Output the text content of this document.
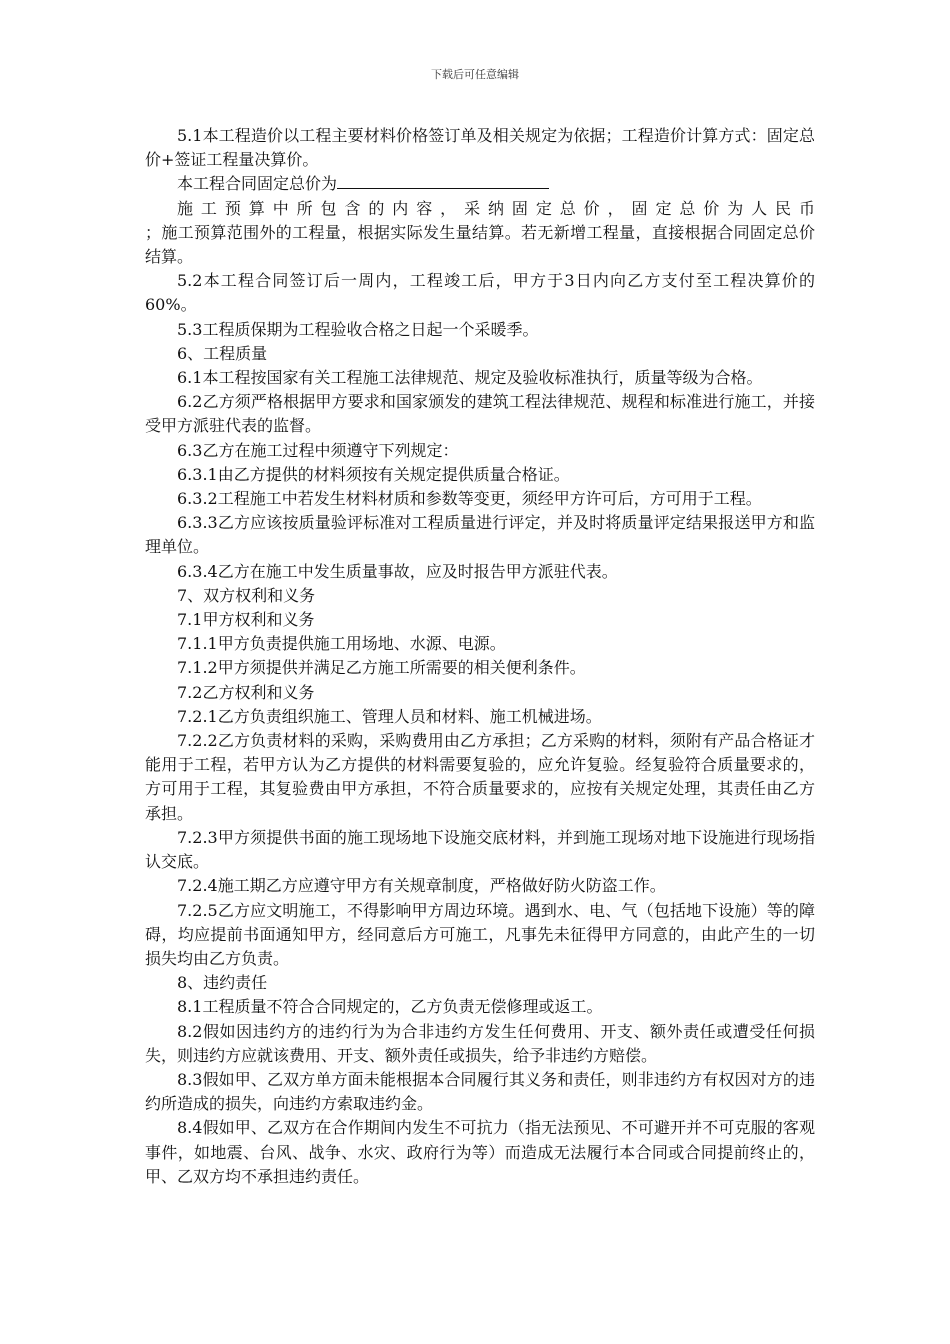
下载后可任意编辑

5.1本工程造价以工程主要材料价格签订单及相关规定为依据；工程造价计算方式：固定总价+签证工程量决算价。

本工程合同固定总价为

施 工 预 算 中 所 包 含 的 内 容 ， 采 纳 固 定 总 价 ， 固 定 总 价 为 人 民 币

；施工预算范围外的工程量，根据实际发生量结算。若无新增工程量，直接根据合同固定总价结算。

5.2本工程合同签订后一周内，工程竣工后，甲方于3日内向乙方支付至工程决算价的60%。

5.3工程质保期为工程验收合格之日起一个采暖季。

6、工程质量

6.1本工程按国家有关工程施工法律规范、规定及验收标准执行，质量等级为合格。

6.2乙方须严格根据甲方要求和国家颁发的建筑工程法律规范、规程和标准进行施工，并接受甲方派驻代表的监督。

6.3乙方在施工过程中须遵守下列规定：

6.3.1由乙方提供的材料须按有关规定提供质量合格证。

6.3.2工程施工中若发生材料材质和参数等变更，须经甲方许可后，方可用于工程。

6.3.3乙方应该按质量验评标准对工程质量进行评定，并及时将质量评定结果报送甲方和监理单位。

6.3.4乙方在施工中发生质量事故，应及时报告甲方派驻代表。

7、双方权利和义务

7.1甲方权利和义务

7.1.1甲方负责提供施工用场地、水源、电源。

7.1.2甲方须提供并满足乙方施工所需要的相关便利条件。

7.2乙方权利和义务

7.2.1乙方负责组织施工、管理人员和材料、施工机械进场。

7.2.2乙方负责材料的采购，采购费用由乙方承担；乙方采购的材料，须附有产品合格证才能用于工程，若甲方认为乙方提供的材料需要复验的，应允许复验。经复验符合质量要求的，方可用于工程，其复验费由甲方承担，不符合质量要求的，应按有关规定处理，其责任由乙方承担。

7.2.3甲方须提供书面的施工现场地下设施交底材料，并到施工现场对地下设施进行现场指认交底。

7.2.4施工期乙方应遵守甲方有关规章制度，严格做好防火防盗工作。

7.2.5乙方应文明施工，不得影响甲方周边环境。遇到水、电、气（包括地下设施）等的障碍，均应提前书面通知甲方，经同意后方可施工，凡事先未征得甲方同意的，由此产生的一切损失均由乙方负责。

8、违约责任

8.1工程质量不符合合同规定的，乙方负责无偿修理或返工。

8.2假如因违约方的违约行为为合非违约方发生任何费用、开支、额外责任或遭受任何损失，则违约方应就该费用、开支、额外责任或损失，给予非违约方赔偿。

8.3假如甲、乙双方单方面未能根据本合同履行其义务和责任，则非违约方有权因对方的违约所造成的损失，向违约方索取违约金。

8.4假如甲、乙双方在合作期间内发生不可抗力（指无法预见、不可避开并不可克服的客观事件，如地震、台风、战争、水灾、政府行为等）而造成无法履行本合同或合同提前终止的，甲、乙双方均不承担违约责任。
